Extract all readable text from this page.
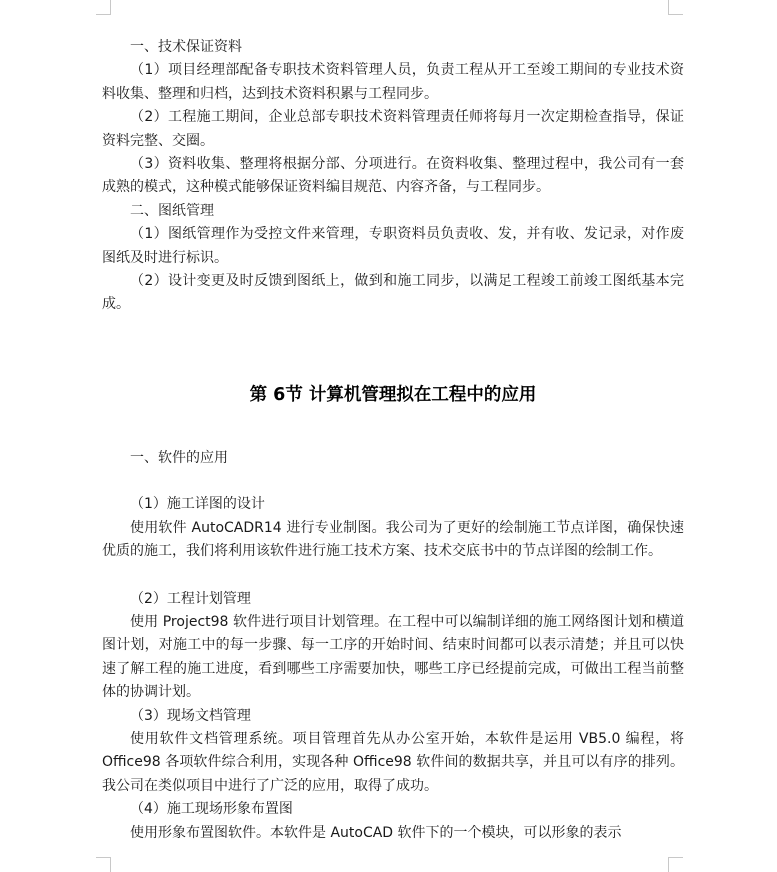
一、技术保证资料

（1）项目经理部配备专职技术资料管理人员，负责工程从开工至竣工期间的专业技术资料收集、整理和归档，达到技术资料积累与工程同步。

（2）工程施工期间，企业总部专职技术资料管理责任师将每月一次定期检查指导，保证资料完整、交圈。

（3）资料收集、整理将根据分部、分项进行。在资料收集、整理过程中，我公司有一套成熟的模式，这种模式能够保证资料编目规范、内容齐备，与工程同步。

二、图纸管理

（1）图纸管理作为受控文件来管理，专职资料员负责收、发，并有收、发记录，对作废图纸及时进行标识。

（2）设计变更及时反馈到图纸上，做到和施工同步，以满足工程竣工前竣工图纸基本完成。

第 6节 计算机管理拟在工程中的应用

一、软件的应用

（1）施工详图的设计

使用软件 AutoCADR14 进行专业制图。我公司为了更好的绘制施工节点详图，确保快速优质的施工，我们将利用该软件进行施工技术方案、技术交底书中的节点详图的绘制工作。

（2）工程计划管理

使用 Project98 软件进行项目计划管理。在工程中可以编制详细的施工网络图计划和横道图计划，对施工中的每一步骤、每一工序的开始时间、结束时间都可以表示清楚；并且可以快速了解工程的施工进度，看到哪些工序需要加快，哪些工序已经提前完成，可做出工程当前整体的协调计划。

（3）现场文档管理

使用软件文档管理系统。项目管理首先从办公室开始，本软件是运用 VB5.0 编程，将 Office98 各项软件综合利用，实现各种 Office98 软件间的数据共享，并且可以有序的排列。我公司在类似项目中进行了广泛的应用，取得了成功。

（4）施工现场形象布置图

使用形象布置图软件。本软件是 AutoCAD 软件下的一个模块，可以形象的表示
